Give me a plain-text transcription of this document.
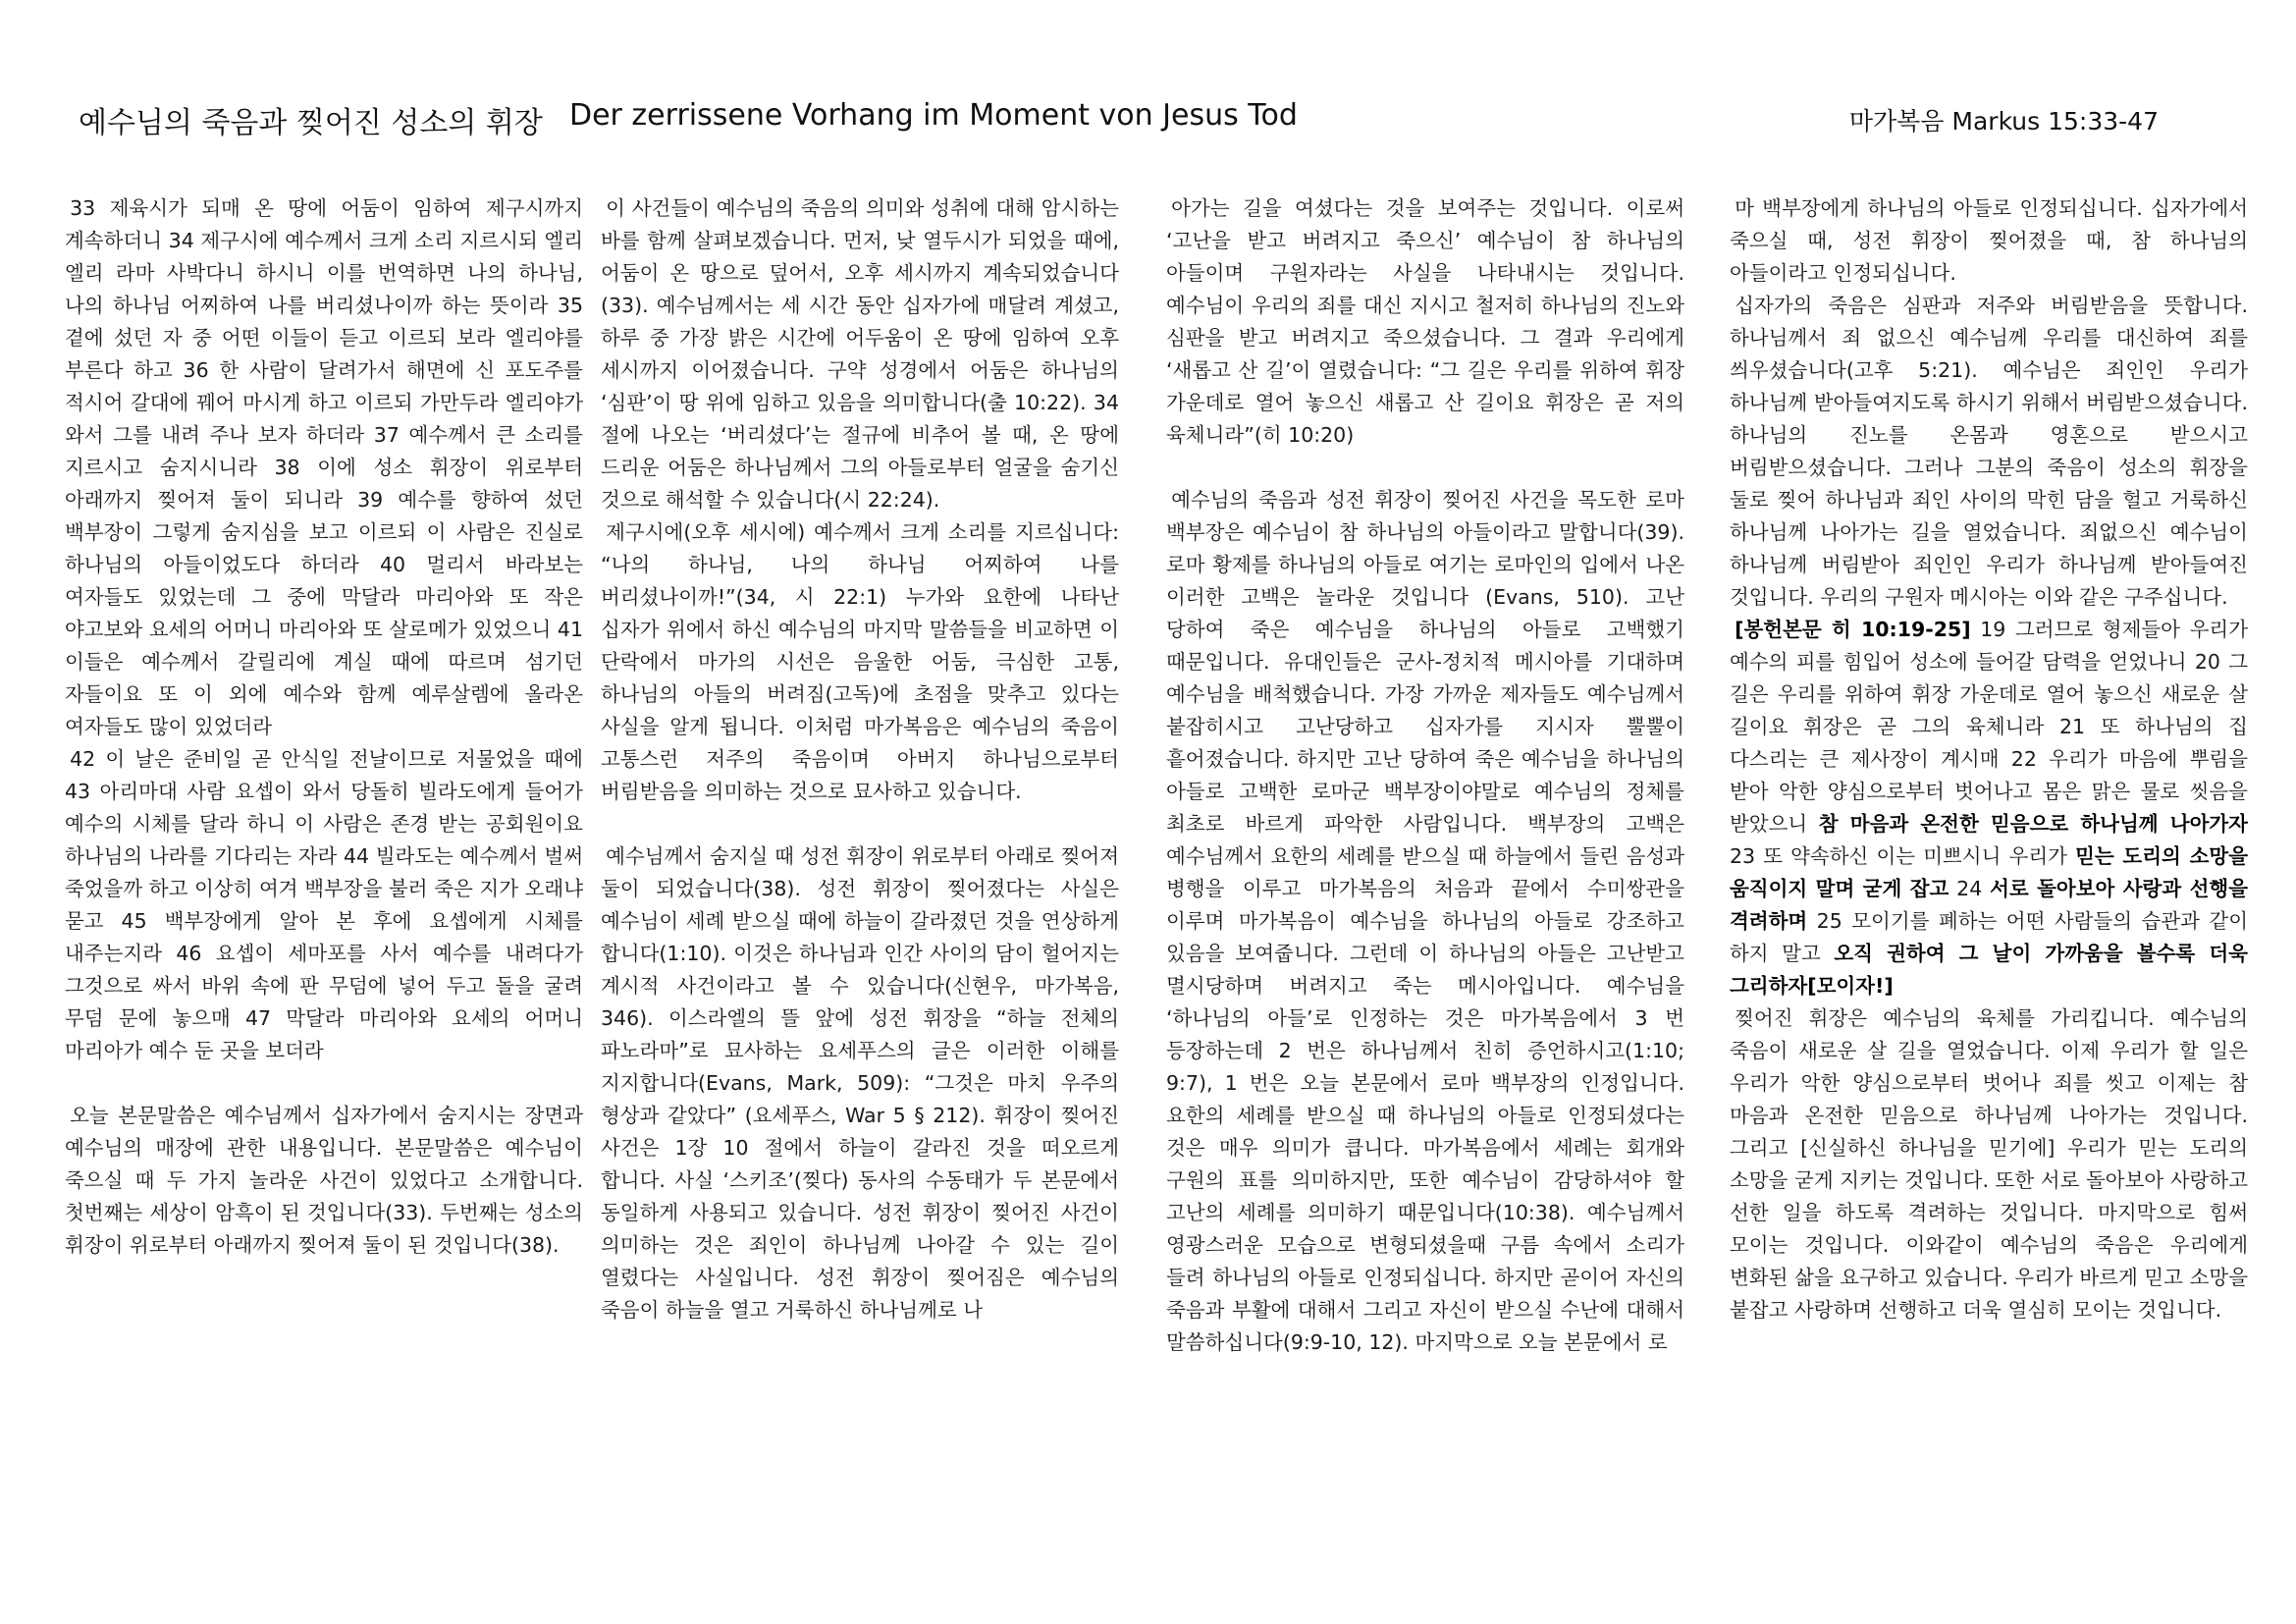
예수님의 죽음과 찢어진 성소의 휘장 Der zerrissene Vorhang im Moment von Jesus Tod	마가복음 Markus 15:33-47

33 제육시가 되매 온 땅에 어둠이 임하여 제구시까지 계속하더니 34 제구시에 예수께서 크게 소리 지르시되 엘리 엘리 라마 사박다니 하시니 이를 번역하면 나의 하나님, 나의 하나님 어찌하여 나를 버리셨나이까 하는 뜻이라 35 곁에 섰던 자 중 어떤 이들이 듣고 이르되 보라 엘리야를 부른다 하고 36 한 사람이 달려가서 해면에 신 포도주를 적시어 갈대에 꿰어 마시게 하고 이르되 가만두라 엘리야가 와서 그를 내려 주나 보자 하더라 37 예수께서 큰 소리를 지르시고 숨지시니라 38 이에 성소 휘장이 위로부터 아래까지 찢어져 둘이 되니라 39 예수를 향하여 섰던 백부장이 그렇게 숨지심을 보고 이르되 이 사람은 진실로 하나님의 아들이었도다 하더라 40 멀리서 바라보는 여자들도 있었는데 그 중에 막달라 마리아와 또 작은 야고보와 요세의 어머니 마리아와 또 살로메가 있었으니 41 이들은 예수께서 갈릴리에 계실 때에 따르며 섬기던 자들이요 또 이 외에 예수와 함께 예루살렘에 올라온 여자들도 많이 있었더라

42 이 날은 준비일 곧 안식일 전날이므로 저물었을 때에 43 아리마대 사람 요셉이 와서 당돌히 빌라도에게 들어가 예수의 시체를 달라 하니 이 사람은 존경 받는 공회원이요 하나님의 나라를 기다리는 자라 44 빌라도는 예수께서 벌써 죽었을까 하고 이상히 여겨 백부장을 불러 죽은 지가 오래냐 묻고 45 백부장에게 알아 본 후에 요셉에게 시체를 내주는지라 46 요셉이 세마포를 사서 예수를 내려다가 그것으로 싸서 바위 속에 판 무덤에 넣어 두고 돌을 굴려 무덤 문에 놓으매 47 막달라 마리아와 요세의 어머니 마리아가 예수 둔 곳을 보더라

오늘 본문말씀은 예수님께서 십자가에서 숨지시는 장면과 예수님의 매장에 관한 내용입니다. 본문말씀은 예수님이 죽으실 때 두 가지 놀라운 사건이 있었다고 소개합니다. 첫번째는 세상이 암흑이 된 것입니다(33). 두번째는 성소의 휘장이 위로부터 아래까지 찢어져 둘이 된 것입니다(38).

이 사건들이 예수님의 죽음의 의미와 성취에 대해 암시하는 바를 함께 살펴보겠습니다. 먼저, 낮 열두시가 되었을 때에, 어둠이 온 땅으로 덮어서, 오후 세시까지 계속되었습니다(33). 예수님께서는 세 시간 동안 십자가에 매달려 계셨고, 하루 중 가장 밝은 시간에 어두움이 온 땅에 임하여 오후 세시까지 이어졌습니다. 구약 성경에서 어둠은 하나님의 ‘심판’이 땅 위에 임하고 있음을 의미합니다(출 10:22). 34 절에 나오는 ‘버리셨다’는 절규에 비추어 볼 때, 온 땅에 드리운 어둠은 하나님께서 그의 아들로부터 얼굴을 숨기신 것으로 해석할 수 있습니다(시 22:24).

제구시에(오후 세시에) 예수께서 크게 소리를 지르십니다: “나의 하나님, 나의 하나님 어찌하여 나를 버리셨나이까!”(34, 시 22:1) 누가와 요한에 나타난 십자가 위에서 하신 예수님의 마지막 말씀들을 비교하면 이 단락에서 마가의 시선은 음울한 어둠, 극심한 고통, 하나님의 아들의 버려짐(고독)에 초점을 맞추고 있다는 사실을 알게 됩니다. 이처럼 마가복음은 예수님의 죽음이 고통스런 저주의 죽음이며 아버지 하나님으로부터 버림받음을 의미하는 것으로 묘사하고 있습니다.

예수님께서 숨지실 때 성전 휘장이 위로부터 아래로 찢어져 둘이 되었습니다(38). 성전 휘장이 찢어졌다는 사실은 예수님이 세례 받으실 때에 하늘이 갈라졌던 것을 연상하게 합니다(1:10). 이것은 하나님과 인간 사이의 담이 헐어지는 계시적 사건이라고 볼 수 있습니다(신현우, 마가복음, 346). 이스라엘의 뜰 앞에 성전 휘장을 “하늘 전체의 파노라마”로 묘사하는 요세푸스의 글은 이러한 이해를 지지합니다(Evans, Mark, 509): “그것은 마치 우주의 형상과 같았다” (요세푸스, War 5 § 212). 휘장이 찢어진 사건은 1장 10 절에서 하늘이 갈라진 것을 떠오르게 합니다. 사실 ‘스키조’(찢다) 동사의 수동태가 두 본문에서 동일하게 사용되고 있습니다. 성전 휘장이 찢어진 사건이 의미하는 것은 죄인이 하나님께 나아갈 수 있는 길이 열렸다는 사실입니다. 성전 휘장이 찢어짐은 예수님의 죽음이 하늘을 열고 거룩하신 하나님께로 나

아가는 길을 여셨다는 것을 보여주는 것입니다. 이로써 ‘고난을 받고 버려지고 죽으신’ 예수님이 참 하나님의 아들이며 구원자라는 사실을 나타내시는 것입니다. 예수님이 우리의 죄를 대신 지시고 철저히 하나님의 진노와 심판을 받고 버려지고 죽으셨습니다. 그 결과 우리에게 ‘새롭고 산 길’이 열렸습니다: “그 길은 우리를 위하여 휘장 가운데로 열어 놓으신 새롭고 산 길이요 휘장은 곧 저의 육체니라”(히 10:20)

예수님의 죽음과 성전 휘장이 찢어진 사건을 목도한 로마 백부장은 예수님이 참 하나님의 아들이라고 말합니다(39). 로마 황제를 하나님의 아들로 여기는 로마인의 입에서 나온 이러한 고백은 놀라운 것입니다 (Evans, 510). 고난 당하여 죽은 예수님을 하나님의 아들로 고백했기 때문입니다. 유대인들은 군사-정치적 메시아를 기대하며 예수님을 배척했습니다. 가장 가까운 제자들도 예수님께서 붙잡히시고 고난당하고 십자가를 지시자 뿔뿔이 흩어졌습니다. 하지만 고난 당하여 죽은 예수님을 하나님의 아들로 고백한 로마군 백부장이야말로 예수님의 정체를 최초로 바르게 파악한 사람입니다. 백부장의 고백은 예수님께서 요한의 세례를 받으실 때 하늘에서 들린 음성과 병행을 이루고 마가복음의 처음과 끝에서 수미쌍관을 이루며 마가복음이 예수님을 하나님의 아들로 강조하고 있음을 보여줍니다. 그런데 이 하나님의 아들은 고난받고 멸시당하며 버려지고 죽는 메시아입니다. 예수님을 ‘하나님의 아들’로 인정하는 것은 마가복음에서 3 번 등장하는데 2 번은 하나님께서 친히 증언하시고(1:10; 9:7), 1 번은 오늘 본문에서 로마 백부장의 인정입니다. 요한의 세례를 받으실 때 하나님의 아들로 인정되셨다는 것은 매우 의미가 큽니다. 마가복음에서 세례는 회개와 구원의 표를 의미하지만, 또한 예수님이 감당하셔야 할 고난의 세례를 의미하기 때문입니다(10:38). 예수님께서 영광스러운 모습으로 변형되셨을때 구름 속에서 소리가 들려 하나님의 아들로 인정되십니다. 하지만 곧이어 자신의 죽음과 부활에 대해서 그리고 자신이 받으실 수난에 대해서 말씀하십니다(9:9-10, 12). 마지막으로 오늘 본문에서 로

마 백부장에게 하나님의 아들로 인정되십니다. 십자가에서 죽으실 때, 성전 휘장이 찢어졌을 때, 참 하나님의 아들이라고 인정되십니다.

십자가의 죽음은 심판과 저주와 버림받음을 뜻합니다. 하나님께서 죄 없으신 예수님께 우리를 대신하여 죄를 씌우셨습니다(고후 5:21). 예수님은 죄인인 우리가 하나님께 받아들여지도록 하시기 위해서 버림받으셨습니다. 하나님의 진노를 온몸과 영혼으로 받으시고 버림받으셨습니다. 그러나 그분의 죽음이 성소의 휘장을 둘로 찢어 하나님과 죄인 사이의 막힌 담을 헐고 거룩하신 하나님께 나아가는 길을 열었습니다. 죄없으신 예수님이 하나님께 버림받아 죄인인 우리가 하나님께 받아들여진 것입니다. 우리의 구원자 메시아는 이와 같은 구주십니다.

[봉헌본문 히 10:19-25] 19 그러므로 형제들아 우리가 예수의 피를 힘입어 성소에 들어갈 담력을 얻었나니 20 그 길은 우리를 위하여 휘장 가운데로 열어 놓으신 새로운 살 길이요 휘장은 곧 그의 육체니라 21 또 하나님의 집 다스리는 큰 제사장이 계시매 22 우리가 마음에 뿌림을 받아 악한 양심으로부터 벗어나고 몸은 맑은 물로 씻음을 받았으니 참 마음과 온전한 믿음으로 하나님께 나아가자 23 또 약속하신 이는 미쁘시니 우리가 믿는 도리의 소망을 움직이지 말며 굳게 잡고 24 서로 돌아보아 사랑과 선행을 격려하며 25 모이기를 폐하는 어떤 사람들의 습관과 같이 하지 말고 오직 권하여 그 날이 가까움을 볼수록 더욱 그리하자[모이자!]

찢어진 휘장은 예수님의 육체를 가리킵니다. 예수님의 죽음이 새로운 살 길을 열었습니다. 이제 우리가 할 일은 우리가 악한 양심으로부터 벗어나 죄를 씻고 이제는 참 마음과 온전한 믿음으로 하나님께 나아가는 것입니다. 그리고 [신실하신 하나님을 믿기에] 우리가 믿는 도리의 소망을 굳게 지키는 것입니다. 또한 서로 돌아보아 사랑하고 선한 일을 하도록 격려하는 것입니다. 마지막으로 힘써 모이는 것입니다. 이와같이 예수님의 죽음은 우리에게 변화된 삶을 요구하고 있습니다. 우리가 바르게 믿고 소망을 붙잡고 사랑하며 선행하고 더욱 열심히 모이는 것입니다.
